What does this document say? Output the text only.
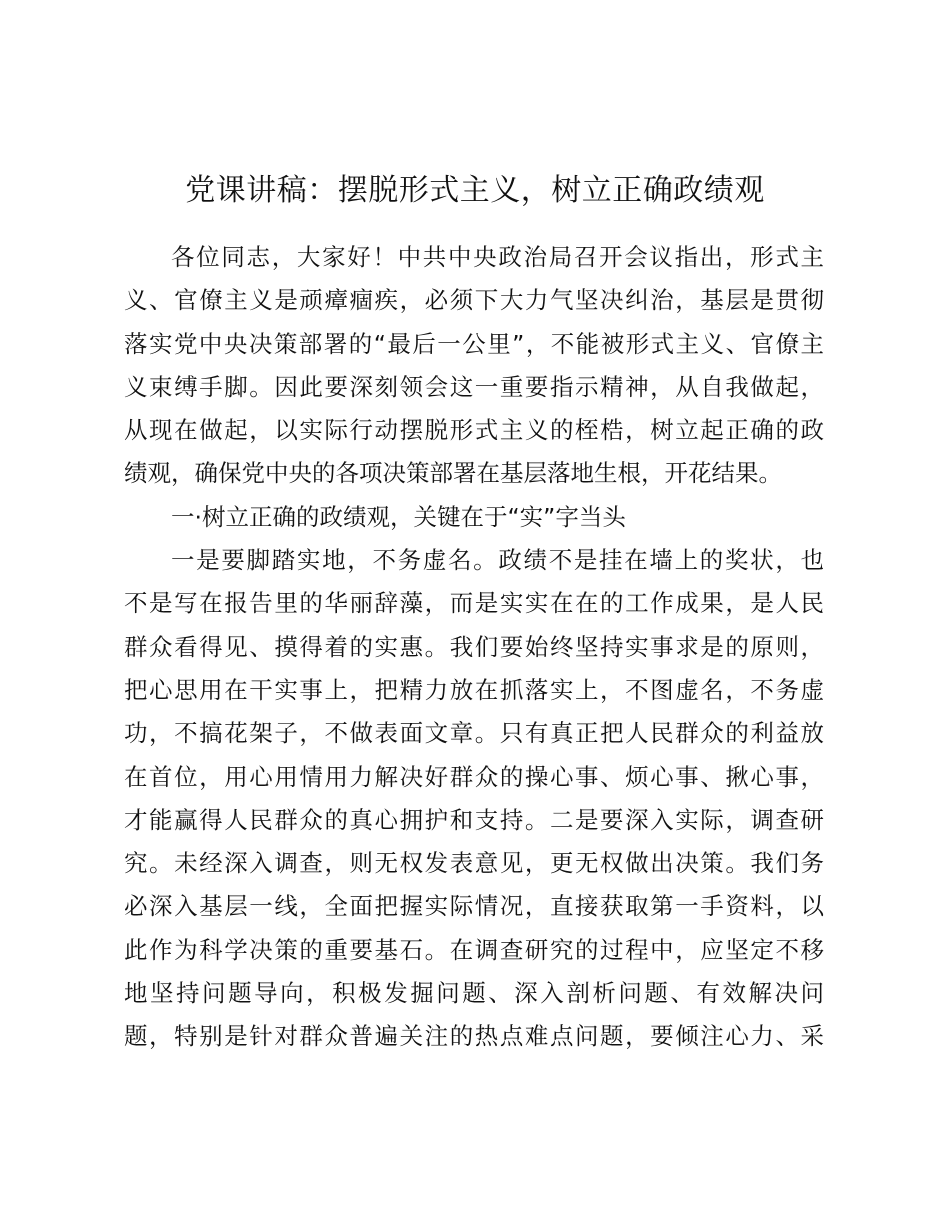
党课讲稿：摆脱形式主义，树立正确政绩观

各位同志，大家好！中共中央政治局召开会议指出，形式主

义、官僚主义是顽瘴痼疾，必须下大力气坚决纠治，基层是贯彻

落实党中央决策部署的“最后一公里”，不能被形式主义、官僚主

义束缚手脚。因此要深刻领会这一重要指示精神，从自我做起，

从现在做起，以实际行动摆脱形式主义的桎梏，树立起正确的政

绩观，确保党中央的各项决策部署在基层落地生根，开花结果。

一·树立正确的政绩观，关键在于“实”字当头

一是要脚踏实地，不务虚名。政绩不是挂在墙上的奖状，也

不是写在报告里的华丽辞藻，而是实实在在的工作成果，是人民

群众看得见、摸得着的实惠。我们要始终坚持实事求是的原则，

把心思用在干实事上，把精力放在抓落实上，不图虚名，不务虚

功，不搞花架子，不做表面文章。只有真正把人民群众的利益放

在首位，用心用情用力解决好群众的操心事、烦心事、揪心事，

才能赢得人民群众的真心拥护和支持。二是要深入实际，调查研

究。未经深入调查，则无权发表意见，更无权做出决策。我们务

必深入基层一线，全面把握实际情况，直接获取第一手资料，以

此作为科学决策的重要基石。在调查研究的过程中，应坚定不移

地坚持问题导向，积极发掘问题、深入剖析问题、有效解决问

题，特别是针对群众普遍关注的热点难点问题，要倾注心力、采
